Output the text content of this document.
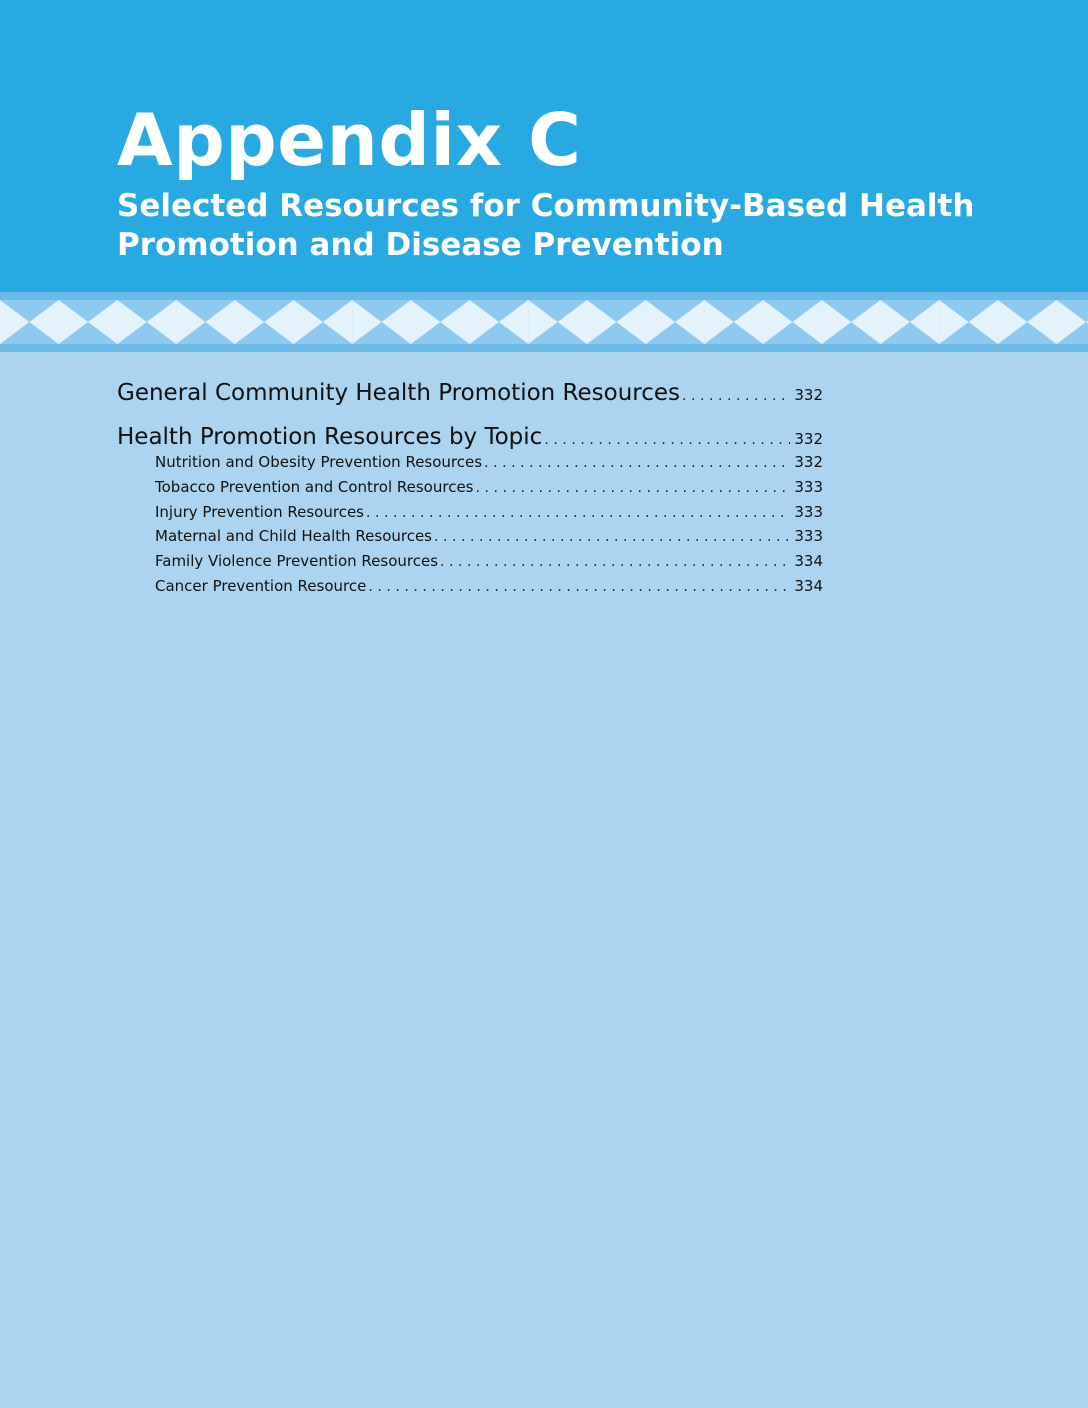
Appendix C
Selected Resources for Community-Based Health Promotion and Disease Prevention
General Community Health Promotion Resources . . .	332
Health Promotion Resources by Topic . . .	332
Nutrition and Obesity Prevention Resources . . .	332
Tobacco Prevention and Control Resources . . .	333
Injury Prevention Resources . . .	333
Maternal and Child Health Resources . . .	333
Family Violence Prevention Resources . . .	334
Cancer Prevention Resource . . .	334
